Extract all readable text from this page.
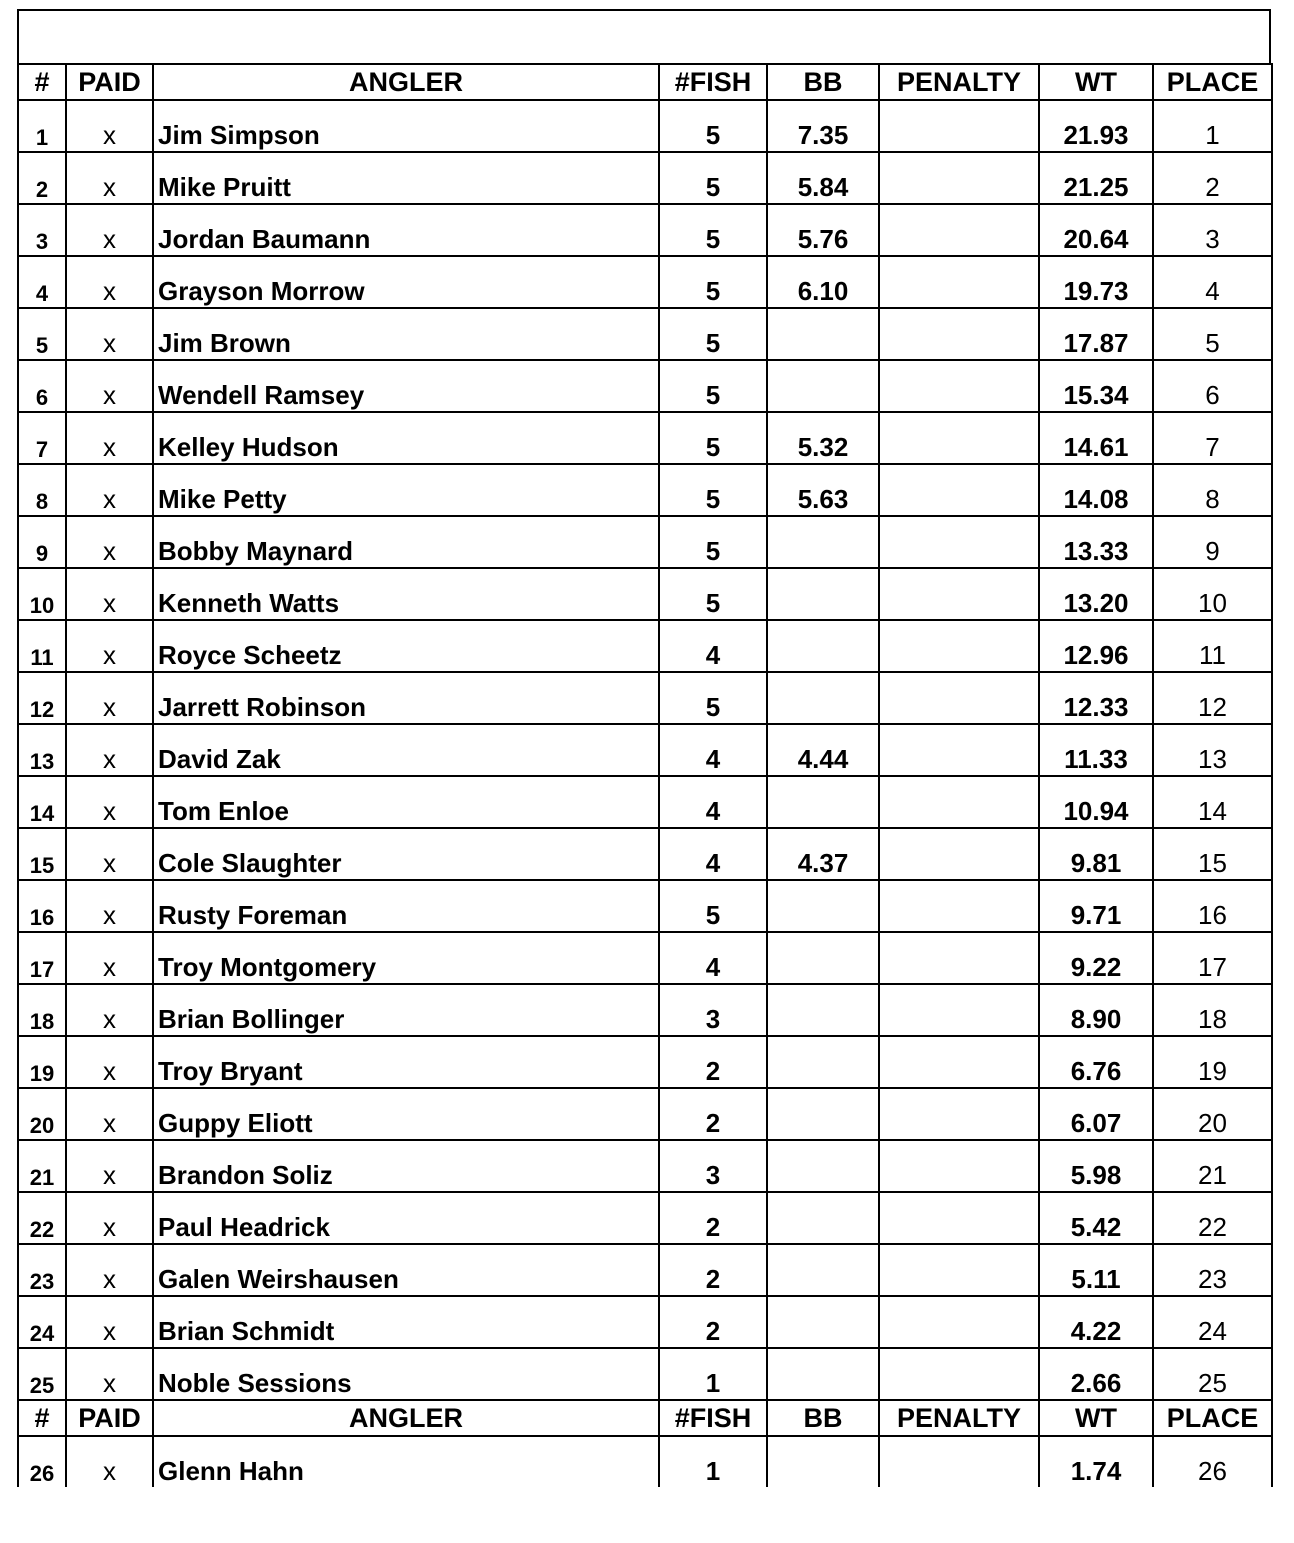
#	PAID	ANGLER	#FISH	BB	PENALTY	WT	PLACE
1	x	Jim Simpson	5	7.35		21.93	1
2	x	Mike Pruitt	5	5.84		21.25	2
3	x	Jordan Baumann	5	5.76		20.64	3
4	x	Grayson Morrow	5	6.10		19.73	4
5	x	Jim Brown	5			17.87	5
6	x	Wendell Ramsey	5			15.34	6
7	x	Kelley Hudson	5	5.32		14.61	7
8	x	Mike Petty	5	5.63		14.08	8
9	x	Bobby Maynard	5			13.33	9
10	x	Kenneth Watts	5			13.20	10
11	x	Royce Scheetz	4			12.96	11
12	x	Jarrett Robinson	5			12.33	12
13	x	David Zak	4	4.44		11.33	13
14	x	Tom Enloe	4			10.94	14
15	x	Cole Slaughter	4	4.37		9.81	15
16	x	Rusty Foreman	5			9.71	16
17	x	Troy Montgomery	4			9.22	17
18	x	Brian Bollinger	3			8.90	18
19	x	Troy Bryant	2			6.76	19
20	x	Guppy Eliott	2			6.07	20
21	x	Brandon Soliz	3			5.98	21
22	x	Paul Headrick	2			5.42	22
23	x	Galen Weirshausen	2			5.11	23
24	x	Brian Schmidt	2			4.22	24
25	x	Noble Sessions	1			2.66	25
#	PAID	ANGLER	#FISH	BB	PENALTY	WT	PLACE
26	x	Glenn Hahn	1			1.74	26
